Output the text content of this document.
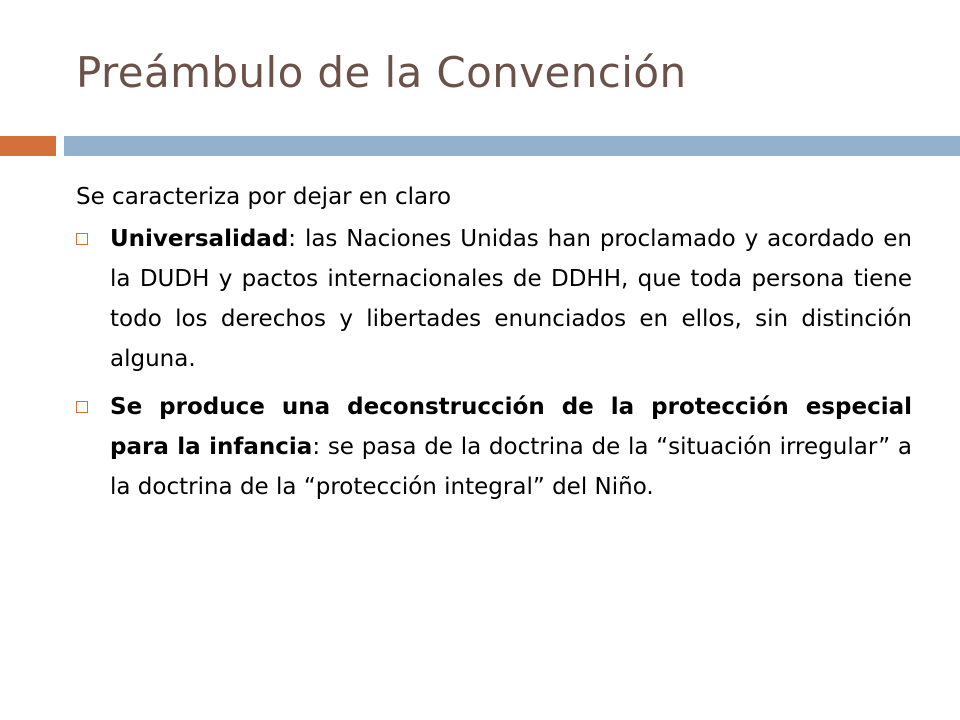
Preámbulo de la Convención

Se caracteriza por dejar en claro

Universalidad: las Naciones Unidas han proclamado y acordado en la DUDH y pactos internacionales de DDHH, que toda persona tiene todo los derechos y libertades enunciados en ellos, sin distinción alguna.
Se produce una deconstrucción de la protección especial para la infancia: se pasa de la doctrina de la “situación irregular” a la doctrina de la “protección integral” del Niño.
